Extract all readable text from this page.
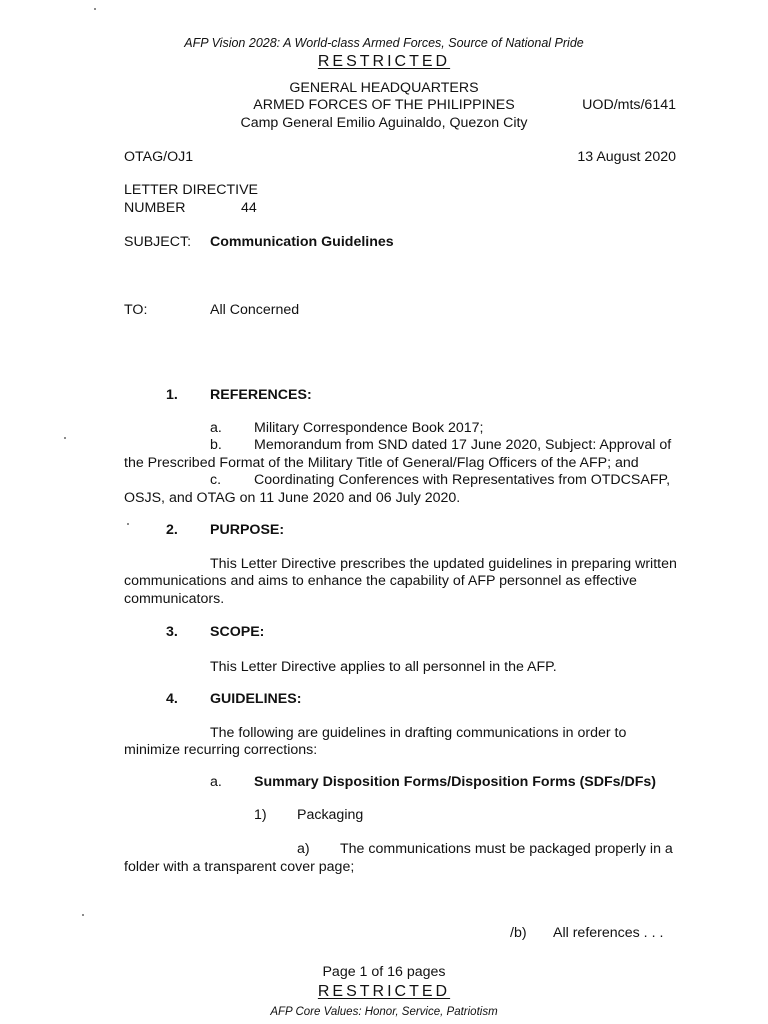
AFP Vision 2028: A World-class Armed Forces, Source of National Pride
RESTRICTED
GENERAL HEADQUARTERS
ARMED FORCES OF THE PHILIPPINES
Camp General Emilio Aguinaldo, Quezon City
UOD/mts/6141
OTAG/OJ1	13 August 2020
LETTER DIRECTIVE
NUMBER	44
SUBJECT: Communication Guidelines
TO:	All Concerned
1. REFERENCES:
a. Military Correspondence Book 2017;
b. Memorandum from SND dated 17 June 2020, Subject: Approval of
the Prescribed Format of the Military Title of General/Flag Officers of the AFP; and
c. Coordinating Conferences with Representatives from OTDCSAFP,
OSJS, and OTAG on 11 June 2020 and 06 July 2020.
2. PURPOSE:
This Letter Directive prescribes the updated guidelines in preparing written
communications and aims to enhance the capability of AFP personnel as effective
communicators.
3. SCOPE:
This Letter Directive applies to all personnel in the AFP.
4. GUIDELINES:
The following are guidelines in drafting communications in order to
minimize recurring corrections:
a. Summary Disposition Forms/Disposition Forms (SDFs/DFs)
1) Packaging
a) The communications must be packaged properly in a
folder with a transparent cover page;
/b) All references . . .
Page 1 of 16 pages
RESTRICTED
AFP Core Values: Honor, Service, Patriotism
